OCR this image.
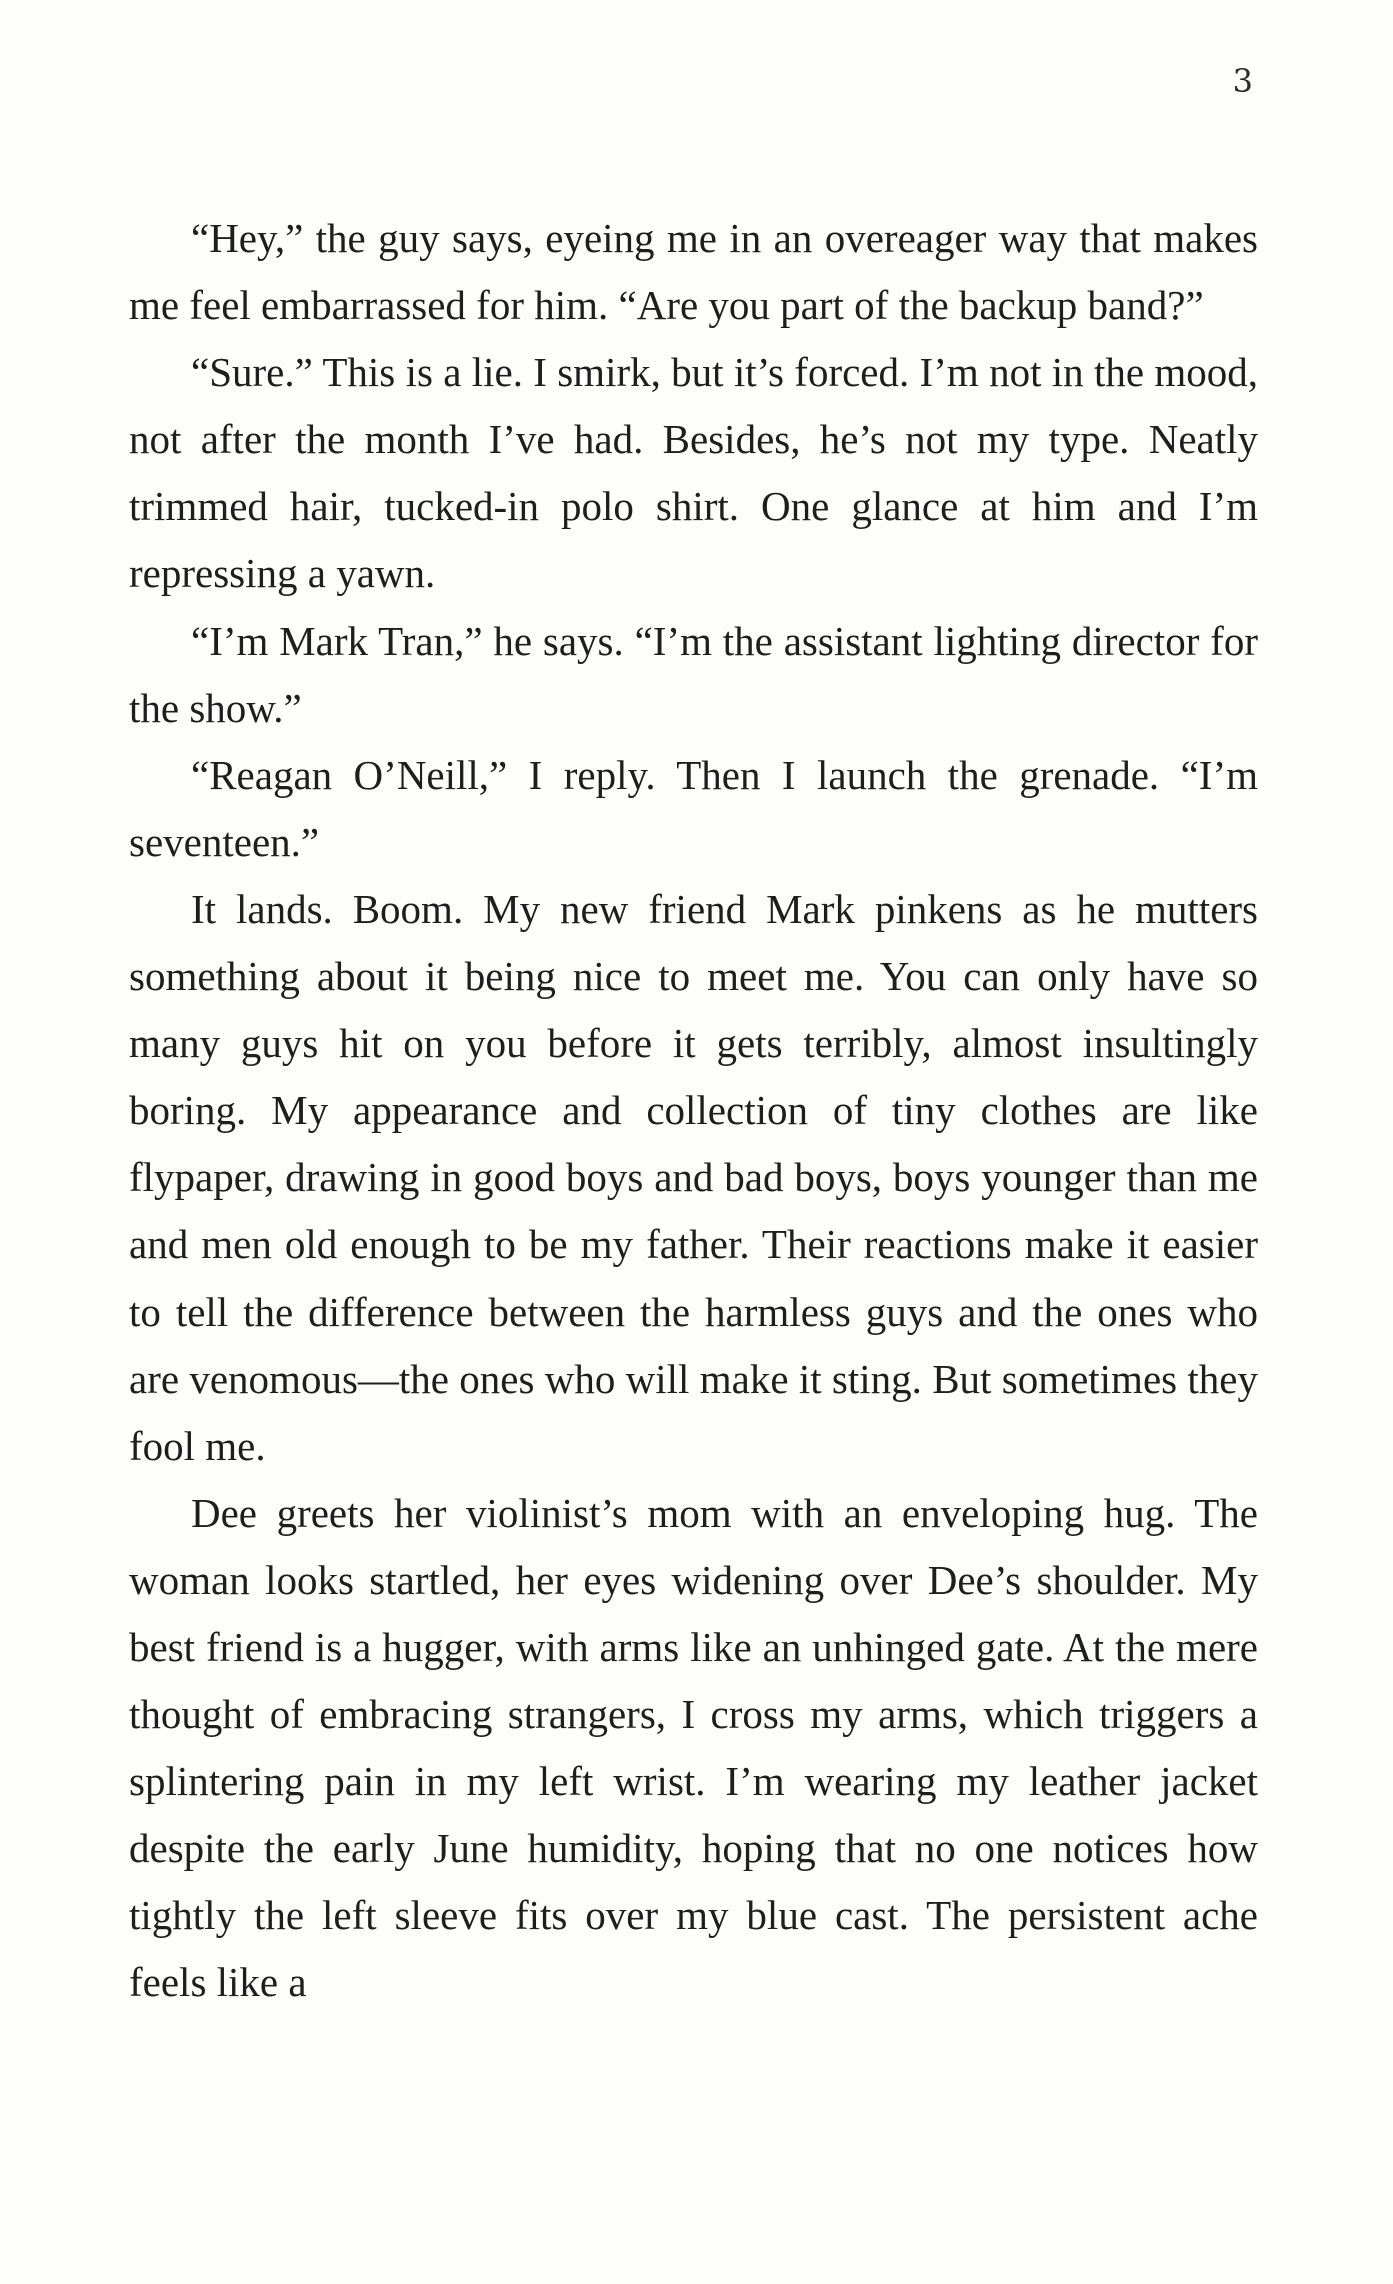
3

“Hey,” the guy says, eyeing me in an overeager way that makes me feel embarrassed for him. “Are you part of the backup band?”

“Sure.” This is a lie. I smirk, but it’s forced. I’m not in the mood, not after the month I’ve had. Besides, he’s not my type. Neatly trimmed hair, tucked-in polo shirt. One glance at him and I’m repressing a yawn.

“I’m Mark Tran,” he says. “I’m the assistant lighting director for the show.”

“Reagan O’Neill,” I reply. Then I launch the grenade. “I’m seventeen.”

It lands. Boom. My new friend Mark pinkens as he mutters something about it being nice to meet me. You can only have so many guys hit on you before it gets terribly, almost insultingly boring. My appearance and collection of tiny clothes are like flypaper, drawing in good boys and bad boys, boys younger than me and men old enough to be my father. Their reactions make it easier to tell the difference between the harmless guys and the ones who are venomous—the ones who will make it sting. But sometimes they fool me.

Dee greets her violinist’s mom with an enveloping hug. The woman looks startled, her eyes widening over Dee’s shoulder. My best friend is a hugger, with arms like an unhinged gate. At the mere thought of embracing strangers, I cross my arms, which triggers a splintering pain in my left wrist. I’m wearing my leather jacket despite the early June humidity, hoping that no one notices how tightly the left sleeve fits over my blue cast. The persistent ache feels like a
